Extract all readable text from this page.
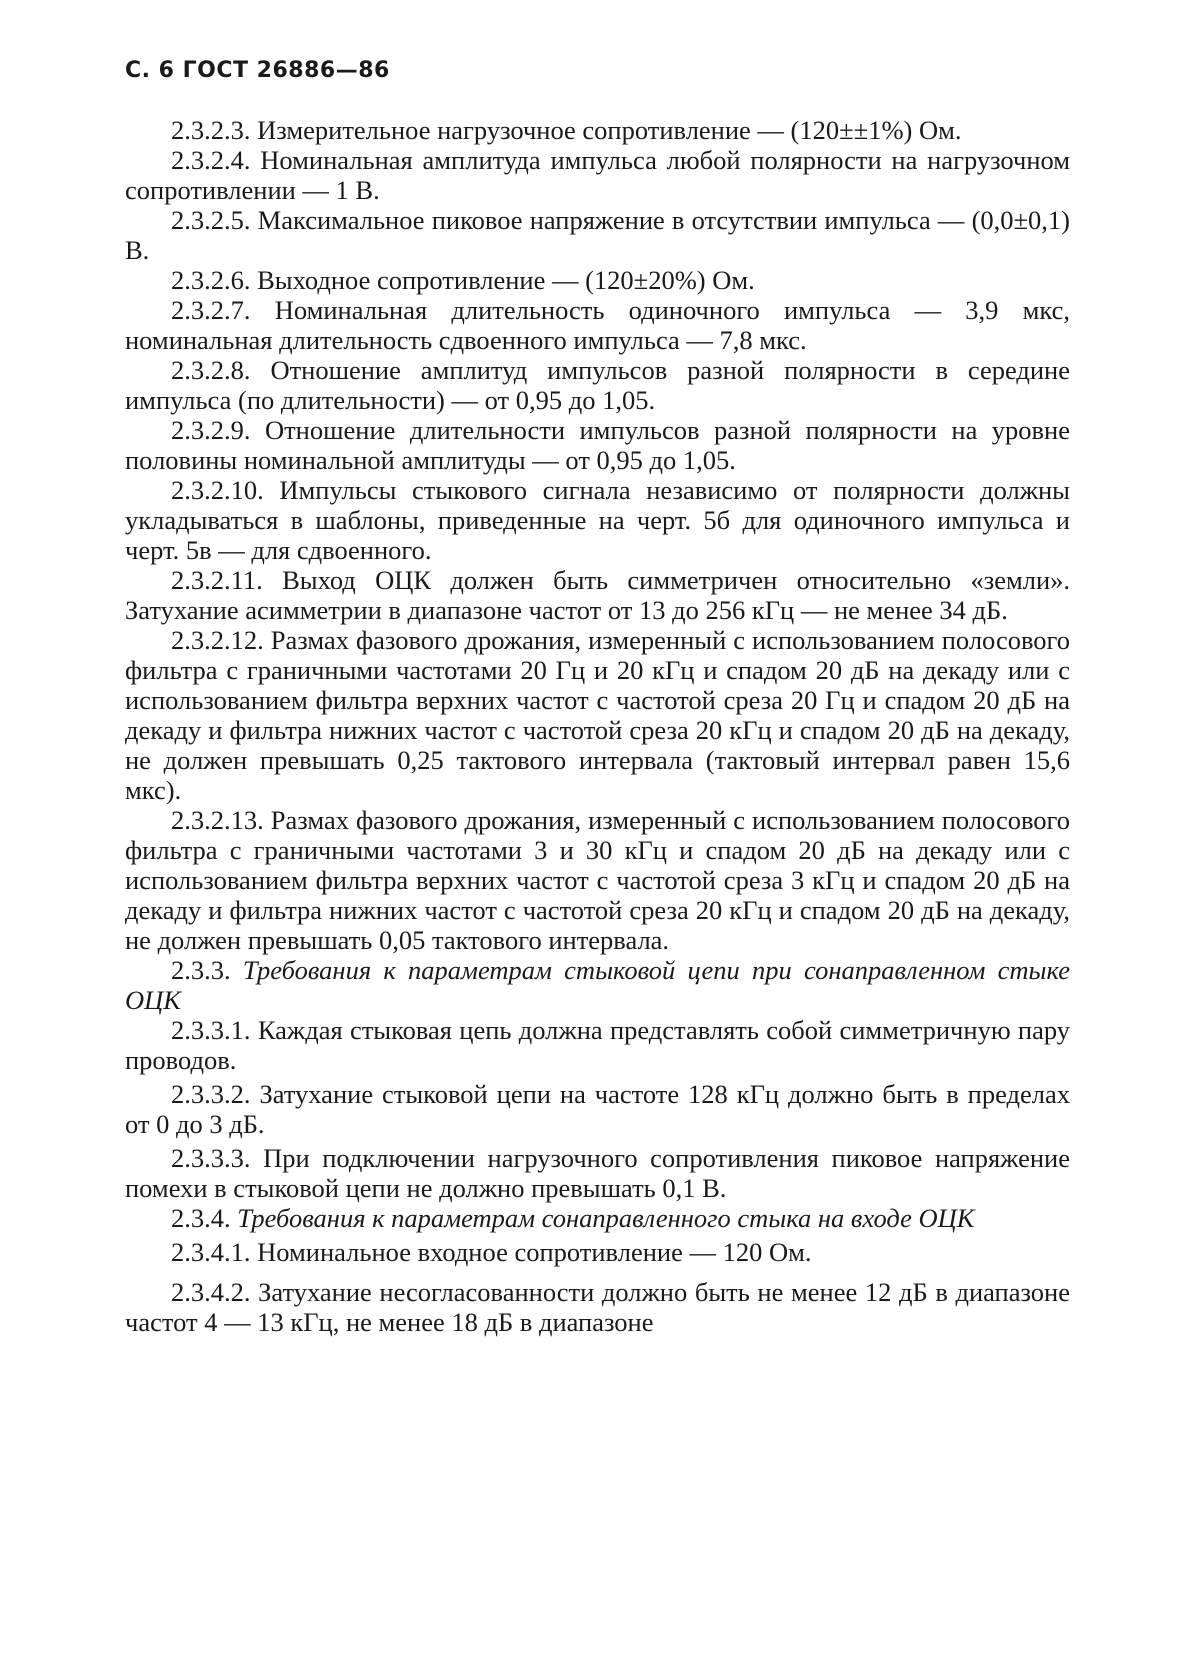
С. 6 ГОСТ 26886—86

2.3.2.3. Измерительное нагрузочное сопротивление — (120±±1%) Ом.

2.3.2.4. Номинальная амплитуда импульса любой полярности на нагрузочном сопротивлении — 1 В.

2.3.2.5. Максимальное пиковое напряжение в отсутствии импульса — (0,0±0,1) В.

2.3.2.6. Выходное сопротивление — (120±20%) Ом.

2.3.2.7. Номинальная длительность одиночного импульса — 3,9 мкс, номинальная длительность сдвоенного импульса — 7,8 мкс.

2.3.2.8. Отношение амплитуд импульсов разной полярности в середине импульса (по длительности) — от 0,95 до 1,05.

2.3.2.9. Отношение длительности импульсов разной полярности на уровне половины номинальной амплитуды — от 0,95 до 1,05.

2.3.2.10. Импульсы стыкового сигнала независимо от полярности должны укладываться в шаблоны, приведенные на черт. 5б для одиночного импульса и черт. 5в — для сдвоенного.

2.3.2.11. Выход ОЦК должен быть симметричен относительно «земли». Затухание асимметрии в диапазоне частот от 13 до 256 кГц — не менее 34 дБ.

2.3.2.12. Размах фазового дрожания, измеренный с использованием полосового фильтра с граничными частотами 20 Гц и 20 кГц и спадом 20 дБ на декаду или с использованием фильтра верхних частот с частотой среза 20 Гц и спадом 20 дБ на декаду и фильтра нижних частот с частотой среза 20 кГц и спадом 20 дБ на декаду, не должен превышать 0,25 тактового интервала (тактовый интервал равен 15,6 мкс).

2.3.2.13. Размах фазового дрожания, измеренный с использованием полосового фильтра с граничными частотами 3 и 30 кГц и спадом 20 дБ на декаду или с использованием фильтра верхних частот с частотой среза 3 кГц и спадом 20 дБ на декаду и фильтра нижних частот с частотой среза 20 кГц и спадом 20 дБ на декаду, не должен превышать 0,05 тактового интервала.

2.3.3. Требования к параметрам стыковой цепи при сонаправленном стыке ОЦК

2.3.3.1. Каждая стыковая цепь должна представлять собой симметричную пару проводов.

2.3.3.2. Затухание стыковой цепи на частоте 128 кГц должно быть в пределах от 0 до 3 дБ.

2.3.3.3. При подключении нагрузочного сопротивления пиковое напряжение помехи в стыковой цепи не должно превышать 0,1 В.

2.3.4. Требования к параметрам сонаправленного стыка на входе ОЦК

2.3.4.1. Номинальное входное сопротивление — 120 Ом.

2.3.4.2. Затухание несогласованности должно быть не менее 12 дБ в диапазоне частот 4 — 13 кГц, не менее 18 дБ в диапазоне
